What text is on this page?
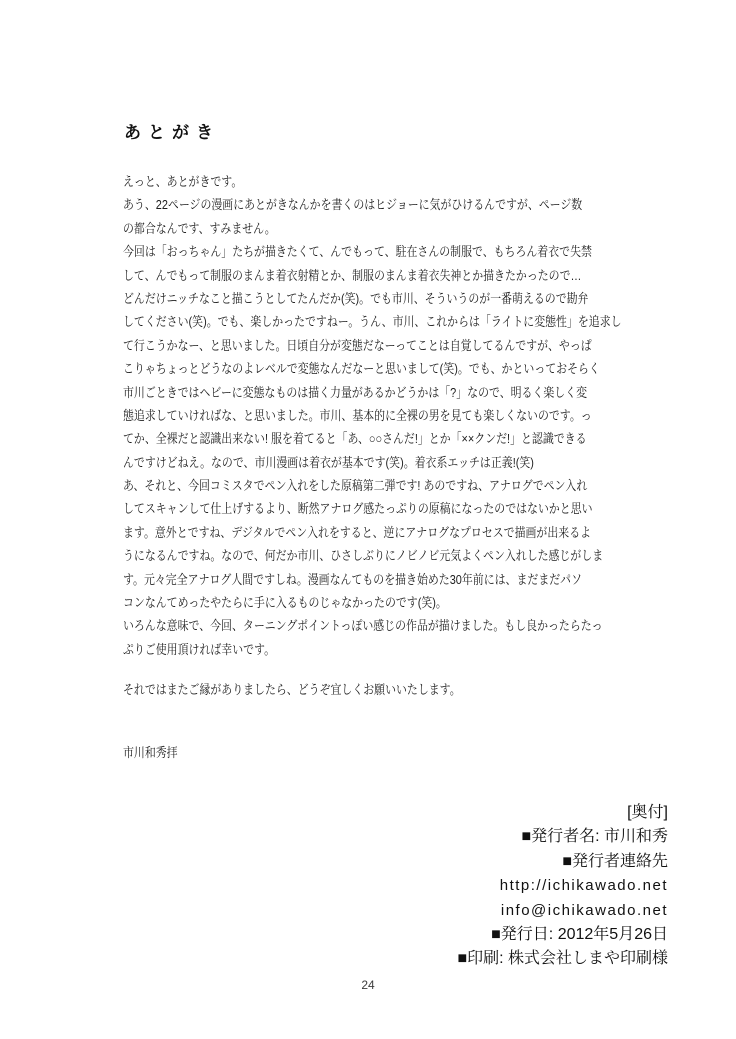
あとがき
えっと、あとがきです。
あう、22ページの漫画にあとがきなんかを書くのはヒジョーに気がひけるんですが、ページ数
の都合なんです、すみません。
今回は「おっちゃん」たちが描きたくて、んでもって、駐在さんの制服で、もちろん着衣で失禁
して、んでもって制服のまんま着衣射精とか、制服のまんま着衣失神とか描きたかったので…
どんだけニッチなこと描こうとしてたんだか(笑)。でも市川、そういうのが一番萌えるので勘弁
してください(笑)。でも、楽しかったですねー。うん、市川、これからは「ライトに変態性」を追求し
て行こうかなー、と思いました。日頃自分が変態だなーってことは自覚してるんですが、やっぱ
こりゃちょっとどうなのよレベルで変態なんだなーと思いまして(笑)。でも、かといっておそらく
市川ごときではヘビーに変態なものは描く力量があるかどうかは「?」なので、明るく楽しく変
態追求していければな、と思いました。市川、基本的に全裸の男を見ても楽しくないのです。っ
てか、全裸だと認識出来ない! 服を着てると「あ、○○さんだ!」とか「××クンだ!」と認識できる
んですけどねえ。なので、市川漫画は着衣が基本です(笑)。着衣系エッチは正義!(笑)
あ、それと、今回コミスタでペン入れをした原稿第二弾です! あのですね、アナログでペン入れ
してスキャンして仕上げするより、断然アナログ感たっぷりの原稿になったのではないかと思い
ます。意外とですね、デジタルでペン入れをすると、逆にアナログなプロセスで描画が出来るよ
うになるんですね。なので、何だか市川、ひさしぶりにノビノビ元気よくペン入れした感じがしま
す。元々完全アナログ人間ですしね。漫画なんてものを描き始めた30年前には、まだまだパソ
コンなんてめったやたらに手に入るものじゃなかったのです(笑)。
いろんな意味で、今回、ターニングポイントっぽい感じの作品が描けました。もし良かったらたっ
ぷりご使用頂ければ幸いです。
それではまたご縁がありましたら、どうぞ宜しくお願いいたします。
市川和秀拝
[奥付]
■発行者名: 市川和秀
■発行者連絡先
http://ichikawado.net
info@ichikawado.net
■発行日: 2012年5月26日
■印刷: 株式会社しまや印刷様
24
